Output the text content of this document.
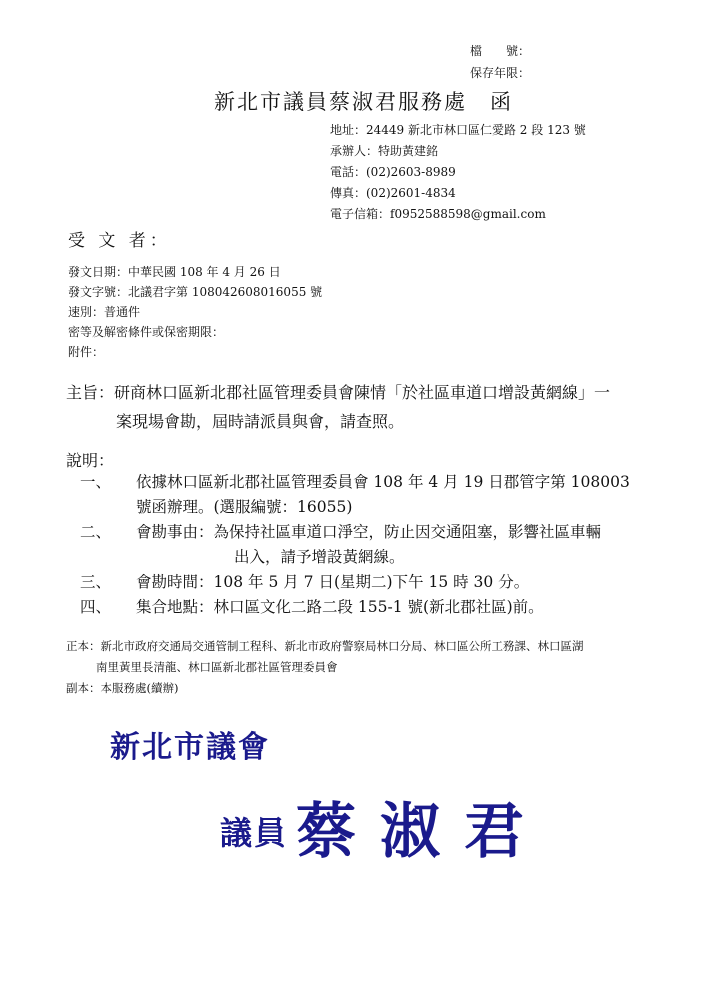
檔　　號：
保存年限：
新北市議員蔡淑君服務處　函
地址：24449 新北市林口區仁愛路 2 段 123 號
承辦人：特助黃建銘
電話：(02)2603-8989
傳真：(02)2601-4834
電子信箱：f0952588598@gmail.com
受 文 者：
發文日期：中華民國 108 年 4 月 26 日
發文字號：北議君字第 108042608016055 號
速別：普通件
密等及解密條件或保密期限：
附件：
主旨：研商林口區新北郡社區管理委員會陳情「於社區車道口增設黃網線」一
案現場會勘，屆時請派員與會，請查照。
說明：
一、	依據林口區新北郡社區管理委員會 108 年 4 月 19 日郡管字第 108003
號函辦理。(選服編號：16055)
二、	會勘事由：為保持社區車道口淨空，防止因交通阻塞，影響社區車輛
出入，請予增設黃網線。
三、	會勘時間：108 年 5 月 7 日(星期二)下午 15 時 30 分。
四、	集合地點：林口區文化二路二段 155-1 號(新北郡社區)前。
正本：新北市政府交通局交通管制工程科、新北市政府警察局林口分局、林口區公所工務課、林口區湖
南里黃里長清龍、林口區新北郡社區管理委員會
副本：本服務處(續辦)
新北市議會
議員 蔡淑君
